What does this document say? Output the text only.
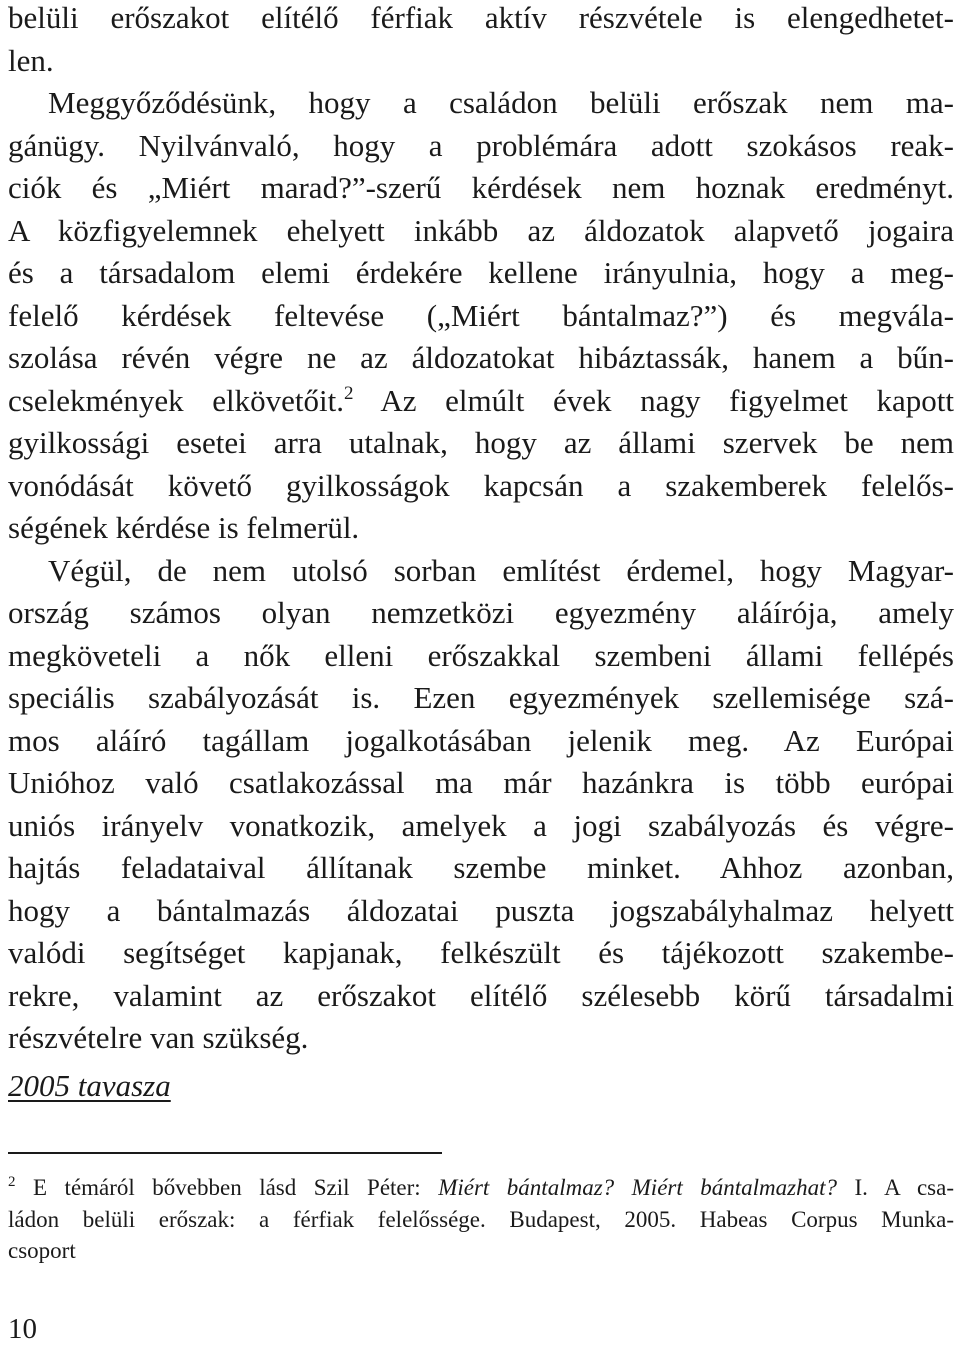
belüli erőszakot elítélő férfiak aktív részvétele is elengedhetet-
len.
Meggyőződésünk, hogy a családon belüli erőszak nem ma-
gánügy. Nyilvánvaló, hogy a problémára adott szokásos reak-
ciók és „Miért marad?”-szerű kérdések nem hoznak eredményt.
A közfigyelemnek ehelyett inkább az áldozatok alapvető jogaira
és a társadalom elemi érdekére kellene irányulnia, hogy a meg-
felelő kérdések feltevése („Miért bántalmaz?”) és megvála-
szolása révén végre ne az áldozatokat hibáztassák, hanem a bűn-
cselekmények elkövetőit.$^2$ Az elmúlt évek nagy figyelmet kapott
gyilkossági esetei arra utalnak, hogy az állami szervek be nem
vonódását követő gyilkosságok kapcsán a szakemberek felelős-
ségének kérdése is felmerül.
Végül, de nem utolsó sorban említést érdemel, hogy Magyar-
ország számos olyan nemzetközi egyezmény aláírója, amely
megköveteli a nők elleni erőszakkal szembeni állami fellépés
speciális szabályozását is. Ezen egyezmények szellemisége szá-
mos aláíró tagállam jogalkotásában jelenik meg. Az Európai
Unióhoz való csatlakozással ma már hazánkra is több európai
uniós irányelv vonatkozik, amelyek a jogi szabályozás és végre-
hajtás feladataival állítanak szembe minket. Ahhoz azonban,
hogy a bántalmazás áldozatai puszta jogszabályhalmaz helyett
valódi segítséget kapjanak, felkészült és tájékozott szakembe-
rekre, valamint az erőszakot elítélő szélesebb körű társadalmi
részvételre van szükség.
2005 tavasza
$^2$ E témáról bővebben lásd Szil Péter: Miért bántalmaz? Miért bántalmazhat? I. A csa-
ládon belüli erőszak: a férfiak felelőssége. Budapest, 2005. Habeas Corpus Munka-
csoport
10
